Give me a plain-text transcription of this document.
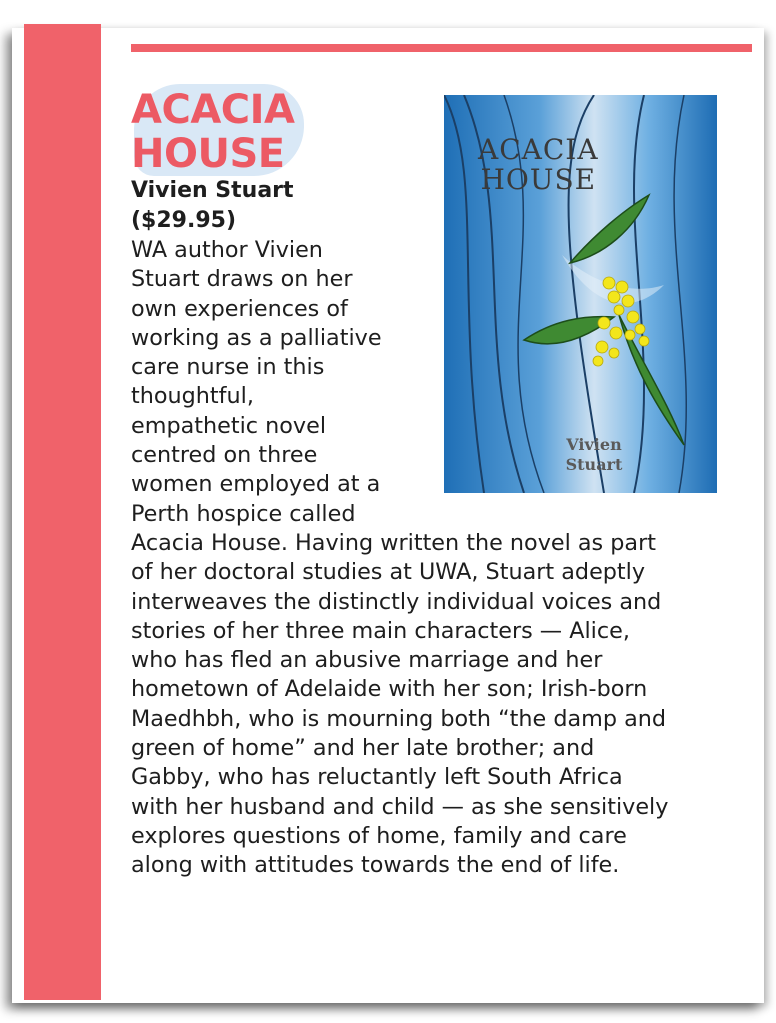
ACACIA
HOUSE

Vivien Stuart
($29.95)

WA author Vivien
Stuart draws on her
own experiences of
working as a palliative
care nurse in this
thoughtful,
empathetic novel
centred on three
women employed at a
Perth hospice called
Acacia House. Having written the novel as part
of her doctoral studies at UWA, Stuart adeptly
interweaves the distinctly individual voices and
stories of her three main characters — Alice,
who has fled an abusive marriage and her
hometown of Adelaide with her son; Irish-born
Maedhbh, who is mourning both “the damp and
green of home” and her late brother; and
Gabby, who has reluctantly left South Africa
with her husband and child — as she sensitively
explores questions of home, family and care
along with attitudes towards the end of life.

ACACIA
HOUSE
Vivien
Stuart
